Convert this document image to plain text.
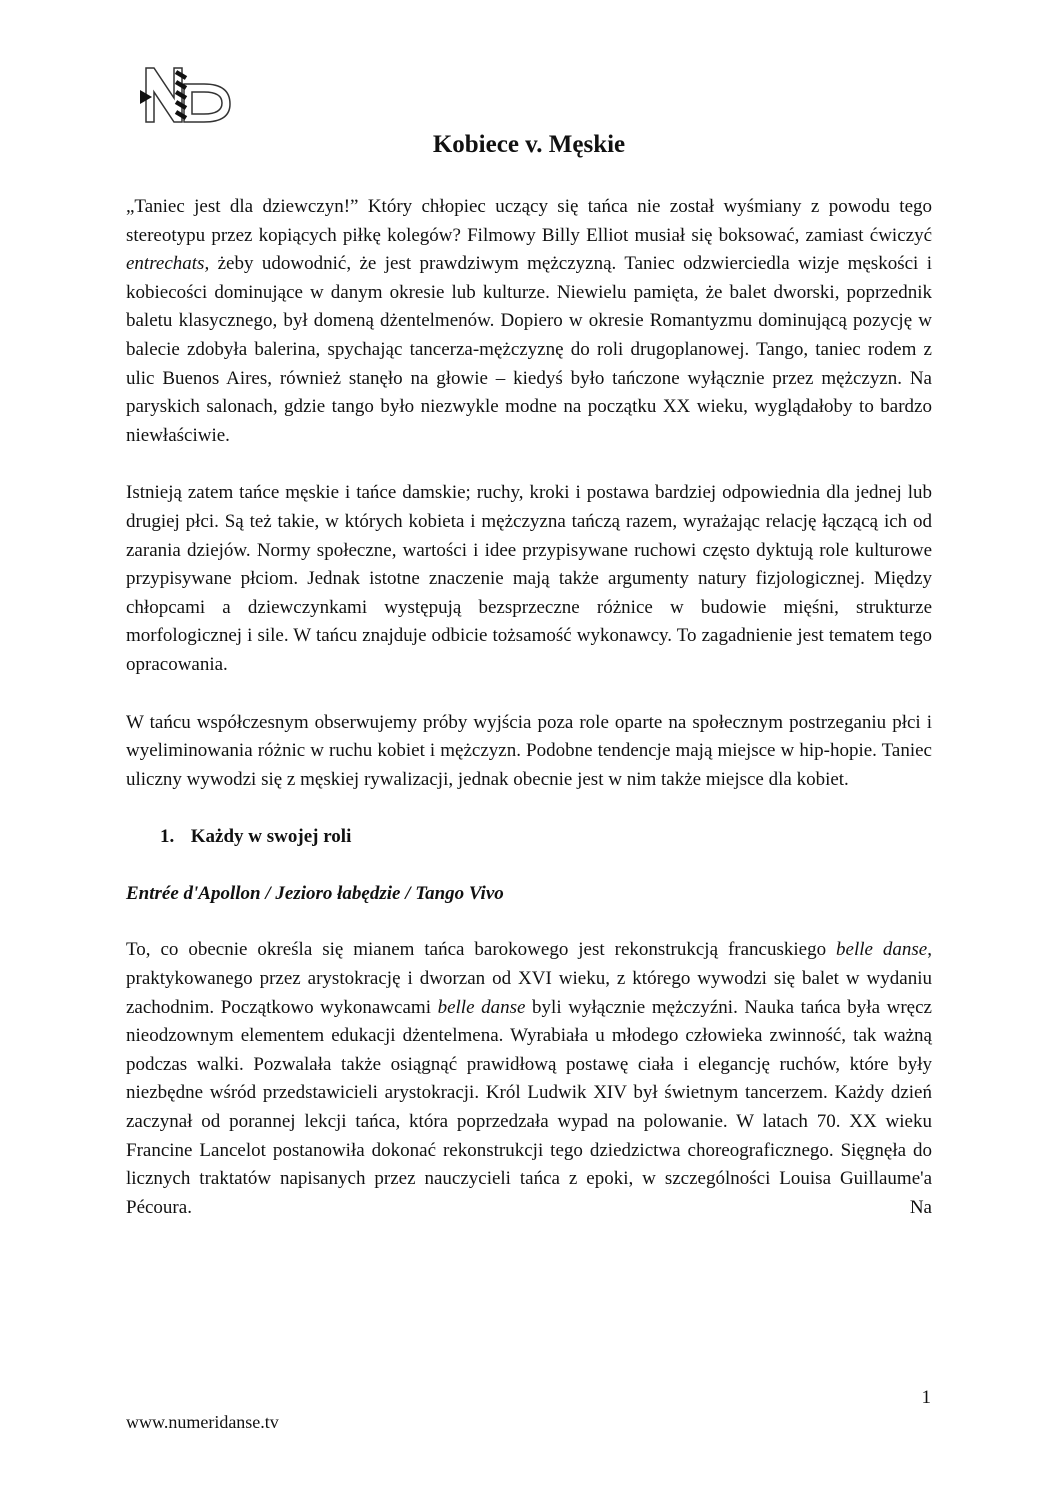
Kobiece v. Męskie

„Taniec jest dla dziewczyn!” Który chłopiec uczący się tańca nie został wyśmiany z powodu tego stereotypu przez kopiących piłkę kolegów? Filmowy Billy Elliot musiał się boksować, zamiast ćwiczyć entrechats, żeby udowodnić, że jest prawdziwym mężczyzną. Taniec odzwierciedla wizje męskości i kobiecości dominujące w danym okresie lub kulturze. Niewielu pamięta, że balet dworski, poprzednik baletu klasycznego, był domeną dżentelmenów. Dopiero w okresie Romantyzmu dominującą pozycję w balecie zdobyła balerina, spychając tancerza-mężczyznę do roli drugoplanowej. Tango, taniec rodem z ulic Buenos Aires, również stanęło na głowie – kiedyś było tańczone wyłącznie przez mężczyzn. Na paryskich salonach, gdzie tango było niezwykle modne na początku XX wieku, wyglądałoby to bardzo niewłaściwie.

Istnieją zatem tańce męskie i tańce damskie; ruchy, kroki i postawa bardziej odpowiednia dla jednej lub drugiej płci. Są też takie, w których kobieta i mężczyzna tańczą razem, wyrażając relację łączącą ich od zarania dziejów. Normy społeczne, wartości i idee przypisywane ruchowi często dyktują role kulturowe przypisywane płciom. Jednak istotne znaczenie mają także argumenty natury fizjologicznej. Między chłopcami a dziewczynkami występują bezsprzeczne różnice w budowie mięśni, strukturze morfologicznej i sile. W tańcu znajduje odbicie tożsamość wykonawcy. To zagadnienie jest tematem tego opracowania.

W tańcu współczesnym obserwujemy próby wyjścia poza role oparte na społecznym postrzeganiu płci i wyeliminowania różnic w ruchu kobiet i mężczyzn. Podobne tendencje mają miejsce w hip-hopie. Taniec uliczny wywodzi się z męskiej rywalizacji, jednak obecnie jest w nim także miejsce dla kobiet.

1. Każdy w swojej roli
Entrée d'Apollon / Jezioro łabędzie / Tango Vivo

To, co obecnie określa się mianem tańca barokowego jest rekonstrukcją francuskiego belle danse, praktykowanego przez arystokrację i dworzan od XVI wieku, z którego wywodzi się balet w wydaniu zachodnim. Początkowo wykonawcami belle danse byli wyłącznie mężczyźni. Nauka tańca była wręcz nieodzownym elementem edukacji dżentelmena. Wyrabiała u młodego człowieka zwinność, tak ważną podczas walki. Pozwalała także osiągnąć prawidłową postawę ciała i elegancję ruchów, które były niezbędne wśród przedstawicieli arystokracji. Król Ludwik XIV był świetnym tancerzem. Każdy dzień zaczynał od porannej lekcji tańca, która poprzedzała wypad na polowanie. W latach 70. XX wieku Francine Lancelot postanowiła dokonać rekonstrukcji tego dziedzictwa choreograficznego. Sięgnęła do licznych traktatów napisanych przez nauczycieli tańca z epoki, w szczególności Louisa Guillaume'a Pécoura. Na

1
www.numeridanse.tv
